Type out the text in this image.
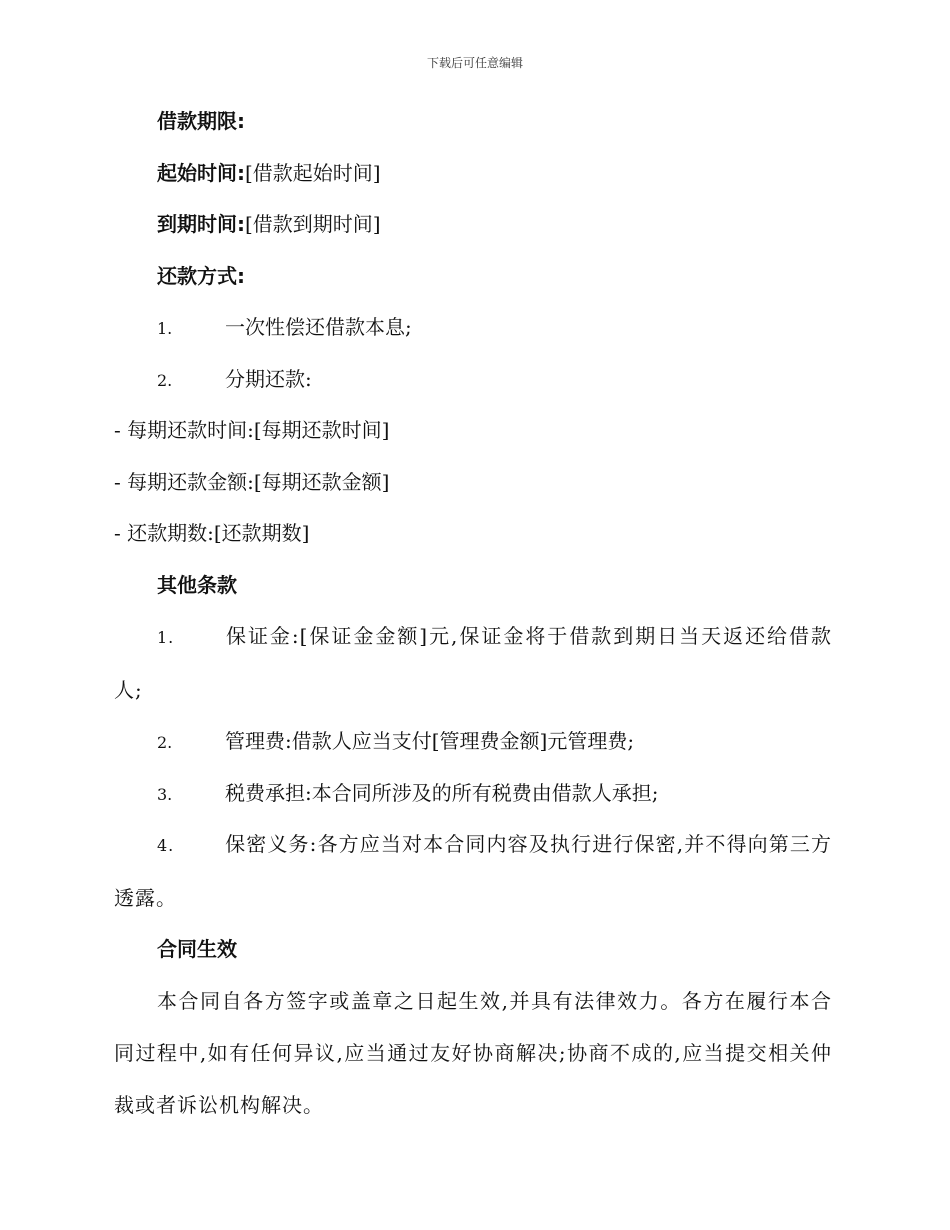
下载后可任意编辑
借款期限:
起始时间:[借款起始时间]
到期时间:[借款到期时间]
还款方式:
1.	一次性偿还借款本息;
2.	分期还款:
- 每期还款时间:[每期还款时间]
- 每期还款金额:[每期还款金额]
- 还款期数:[还款期数]
其他条款
1.	保证金:[保证金金额]元,保证金将于借款到期日当天返还给借款人;
2.	管理费:借款人应当支付[管理费金额]元管理费;
3.	税费承担:本合同所涉及的所有税费由借款人承担;
4.	保密义务:各方应当对本合同内容及执行进行保密,并不得向第三方透露。
合同生效
本合同自各方签字或盖章之日起生效,并具有法律效力。各方在履行本合同过程中,如有任何异议,应当通过友好协商解决;协商不成的,应当提交相关仲裁或者诉讼机构解决。
